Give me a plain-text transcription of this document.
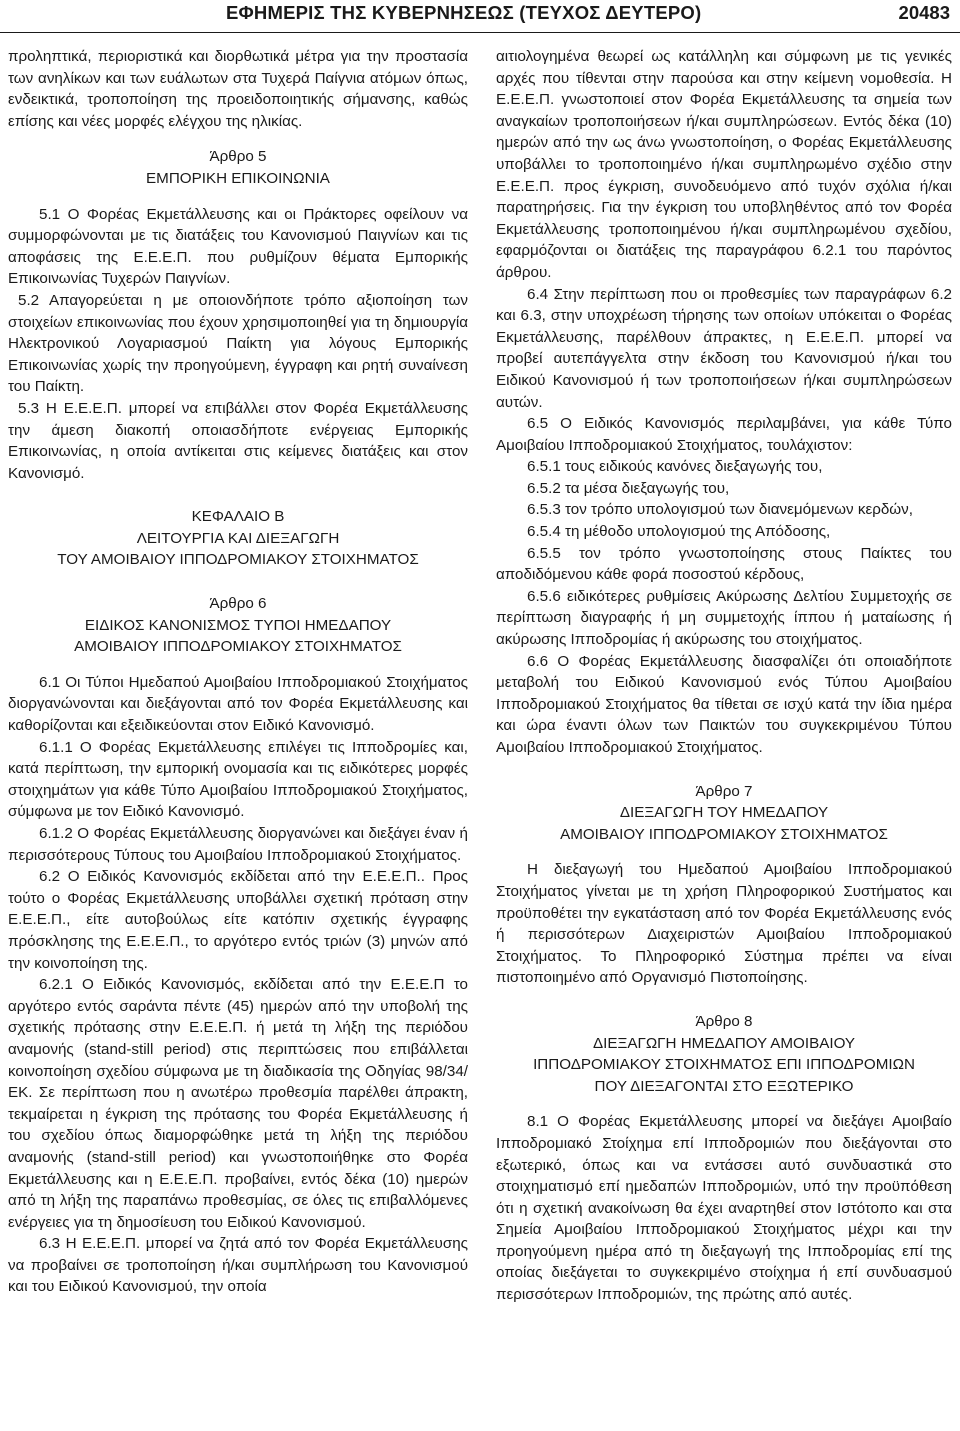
ΕΦΗΜΕΡΙΣ ΤΗΣ ΚΥΒΕΡΝΗΣΕΩΣ (ΤΕΥΧΟΣ ΔΕΥΤΕΡΟ)	20483

προληπτικά, περιοριστικά και διορθωτικά μέτρα για την προστασία των ανηλίκων και των ευάλωτων στα Τυχερά Παίγνια ατόμων όπως, ενδεικτικά, τροποποίηση της προειδοποιητικής σήμανσης, καθώς επίσης και νέες μορφές ελέγχου της ηλικίας.

Άρθρο 5

ΕΜΠΟΡΙΚΗ ΕΠΙΚΟΙΝΩΝΙΑ

5.1 Ο Φορέας Εκμετάλλευσης και οι Πράκτορες οφείλουν να συμμορφώνονται με τις διατάξεις του Κανονισμού Παιγνίων και τις αποφάσεις της Ε.Ε.Ε.Π. που ρυθμίζουν θέματα Εμπορικής Επικοινωνίας Τυχερών Παιγνίων.

5.2 Απαγορεύεται η με οποιονδήποτε τρόπο αξιοποίηση των στοιχείων επικοινωνίας που έχουν χρησιμοποιηθεί για τη δημιουργία Ηλεκτρονικού Λογαριασμού Παίκτη για λόγους Εμπορικής Επικοινωνίας χωρίς την προηγούμενη, έγγραφη και ρητή συναίνεση του Παίκτη.

5.3 Η Ε.Ε.Ε.Π. μπορεί να επιβάλλει στον Φορέα Εκμετάλλευσης την άμεση διακοπή οποιασδήποτε ενέργειας Εμπορικής Επικοινωνίας, η οποία αντίκειται στις κείμενες διατάξεις και στον Κανονισμό.

ΚΕΦΑΛΑΙΟ Β

ΛΕΙΤΟΥΡΓΙΑ ΚΑΙ ΔΙΕΞΑΓΩΓΗ

ΤΟΥ ΑΜΟΙΒΑΙΟΥ ΙΠΠΟΔΡΟΜΙΑΚΟΥ ΣΤΟΙΧΗΜΑΤΟΣ

Άρθρο 6

ΕΙΔΙΚΟΣ ΚΑΝΟΝΙΣΜΟΣ ΤΥΠΟΙ ΗΜΕΔΑΠΟΥ

ΑΜΟΙΒΑΙΟΥ ΙΠΠΟΔΡΟΜΙΑΚΟΥ ΣΤΟΙΧΗΜΑΤΟΣ

6.1 Οι Τύποι Ημεδαπού Αμοιβαίου Ιπποδρομιακού Στοιχήματος διοργανώνονται και διεξάγονται από τον Φορέα Εκμετάλλευσης και καθορίζονται και εξειδικεύονται στον Ειδικό Κανονισμό.

6.1.1 Ο Φορέας Εκμετάλλευσης επιλέγει τις Ιπποδρομίες και, κατά περίπτωση, την εμπορική ονομασία και τις ειδικότερες μορφές στοιχημάτων για κάθε Τύπο Αμοιβαίου Ιπποδρομιακού Στοιχήματος, σύμφωνα με τον Ειδικό Κανονισμό.

6.1.2 Ο Φορέας Εκμετάλλευσης διοργανώνει και διεξάγει έναν ή περισσότερους Τύπους του Αμοιβαίου Ιπποδρομιακού Στοιχήματος.

6.2 Ο Ειδικός Κανονισμός εκδίδεται από την Ε.Ε.Ε.Π.. Προς τούτο ο Φορέας Εκμετάλλευσης υποβάλλει σχετική πρόταση στην Ε.Ε.Ε.Π., είτε αυτοβούλως είτε κατόπιν σχετικής έγγραφης πρόσκλησης της Ε.Ε.Ε.Π., το αργότερο εντός τριών (3) μηνών από την κοινοποίηση της.

6.2.1 Ο Ειδικός Κανονισμός, εκδίδεται από την Ε.Ε.Ε.Π το αργότερο εντός σαράντα πέντε (45) ημερών από την υποβολή της σχετικής πρότασης στην Ε.Ε.Ε.Π. ή μετά τη λήξη της περιόδου αναμονής (stand-still period) στις περιπτώσεις που επιβάλλεται κοινοποίηση σχεδίου σύμφωνα με τη διαδικασία της Οδηγίας 98/34/ΕΚ. Σε περίπτωση που η ανωτέρω προθεσμία παρέλθει άπρακτη, τεκμαίρεται η έγκριση της πρότασης του Φορέα Εκμετάλλευσης ή του σχεδίου όπως διαμορφώθηκε μετά τη λήξη της περιόδου αναμονής (stand-still period) και γνωστοποιήθηκε στο Φορέα Εκμετάλλευσης και η Ε.Ε.Ε.Π. προβαίνει, εντός δέκα (10) ημερών από τη λήξη της παραπάνω προθεσμίας, σε όλες τις επιβαλλόμενες ενέργειες για τη δημοσίευση του Ειδικού Κανονισμού.

6.3 Η Ε.Ε.Ε.Π. μπορεί να ζητά από τον Φορέα Εκμετάλλευσης να προβαίνει σε τροποποίηση ή/και συμπλήρωση του Κανονισμού και του Ειδικού Κανονισμού, την οποία

αιτιολογημένα θεωρεί ως κατάλληλη και σύμφωνη με τις γενικές αρχές που τίθενται στην παρούσα και στην κείμενη νομοθεσία. Η Ε.Ε.Ε.Π. γνωστοποιεί στον Φορέα Εκμετάλλευσης τα σημεία των αναγκαίων τροποποιήσεων ή/και συμπληρώσεων. Εντός δέκα (10) ημερών από την ως άνω γνωστοποίηση, ο Φορέας Εκμετάλλευσης υποβάλλει το τροποποιημένο ή/και συμπληρωμένο σχέδιο στην Ε.Ε.Ε.Π. προς έγκριση, συνοδευόμενο από τυχόν σχόλια ή/και παρατηρήσεις. Για την έγκριση του υποβληθέντος από τον Φορέα Εκμετάλλευσης τροποποιημένου ή/και συμπληρωμένου σχεδίου, εφαρμόζονται οι διατάξεις της παραγράφου 6.2.1 του παρόντος άρθρου.

6.4 Στην περίπτωση που οι προθεσμίες των παραγράφων 6.2 και 6.3, στην υποχρέωση τήρησης των οποίων υπόκειται ο Φορέας Εκμετάλλευσης, παρέλθουν άπρακτες, η Ε.Ε.Ε.Π. μπορεί να προβεί αυτεπάγγελτα στην έκδοση του Κανονισμού ή/και του Ειδικού Κανονισμού ή των τροποποιήσεων ή/και συμπληρώσεων αυτών.

6.5 Ο Ειδικός Κανονισμός περιλαμβάνει, για κάθε Τύπο Αμοιβαίου Ιπποδρομιακού Στοιχήματος, τουλάχιστον:

6.5.1 τους ειδικούς κανόνες διεξαγωγής του,

6.5.2 τα μέσα διεξαγωγής του,

6.5.3 τον τρόπο υπολογισμού των διανεμόμενων κερδών,

6.5.4 τη μέθοδο υπολογισμού της Απόδοσης,

6.5.5 τον τρόπο γνωστοποίησης στους Παίκτες του αποδιδόμενου κάθε φορά ποσοστού κέρδους,

6.5.6 ειδικότερες ρυθμίσεις Ακύρωσης Δελτίου Συμμετοχής σε περίπτωση διαγραφής ή μη συμμετοχής ίππου ή ματαίωσης ή ακύρωσης Ιπποδρομίας ή ακύρωσης του στοιχήματος.

6.6 Ο Φορέας Εκμετάλλευσης διασφαλίζει ότι οποιαδήποτε μεταβολή του Ειδικού Κανονισμού ενός Τύπου Αμοιβαίου Ιπποδρομιακού Στοιχήματος θα τίθεται σε ισχύ κατά την ίδια ημέρα και ώρα έναντι όλων των Παικτών του συγκεκριμένου Τύπου Αμοιβαίου Ιπποδρομιακού Στοιχήματος.

Άρθρο 7

ΔΙΕΞΑΓΩΓΗ ΤΟΥ ΗΜΕΔΑΠΟΥ

ΑΜΟΙΒΑΙΟΥ ΙΠΠΟΔΡΟΜΙΑΚΟΥ ΣΤΟΙΧΗΜΑΤΟΣ

Η διεξαγωγή του Ημεδαπού Αμοιβαίου Ιπποδρομιακού Στοιχήματος γίνεται με τη χρήση Πληροφορικού Συστήματος και προϋποθέτει την εγκατάσταση από τον Φορέα Εκμετάλλευσης ενός ή περισσότερων Διαχειριστών Αμοιβαίου Ιπποδρομιακού Στοιχήματος. Το Πληροφορικό Σύστημα πρέπει να είναι πιστοποιημένο από Οργανισμό Πιστοποίησης.

Άρθρο 8

ΔΙΕΞΑΓΩΓΗ ΗΜΕΔΑΠΟΥ ΑΜΟΙΒΑΙΟΥ

ΙΠΠΟΔΡΟΜΙΑΚΟΥ ΣΤΟΙΧΗΜΑΤΟΣ ΕΠΙ ΙΠΠΟΔΡΟΜΙΩΝ

ΠΟΥ ΔΙΕΞΑΓΟΝΤΑΙ ΣΤΟ ΕΞΩΤΕΡΙΚΟ

8.1 Ο Φορέας Εκμετάλλευσης μπορεί να διεξάγει Αμοιβαίο Ιπποδρομιακό Στοίχημα επί Ιπποδρομιών που διεξάγονται στο εξωτερικό, όπως και να εντάσσει αυτό συνδυαστικά στο στοιχηματισμό επί ημεδαπών Ιπποδρομιών, υπό την προϋπόθεση ότι η σχετική ανακοίνωση θα έχει αναρτηθεί στον Ιστότοπο και στα Σημεία Αμοιβαίου Ιπποδρομιακού Στοιχήματος μέχρι και την προηγούμενη ημέρα από τη διεξαγωγή της Ιπποδρομίας επί της οποίας διεξάγεται το συγκεκριμένο στοίχημα ή επί συνδυασμού περισσότερων Ιπποδρομιών, της πρώτης από αυτές.
